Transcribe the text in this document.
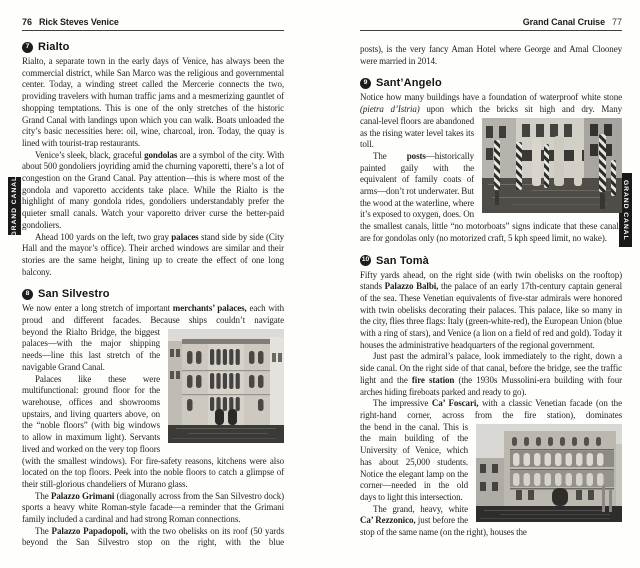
GRAND CANAL	GRAND CANAL
76 Rick Steves Venice
7 Rialto

Rialto, a separate town in the early days of Venice, has always been the commercial district, while San Marco was the religious and governmental center. Today, a winding street called the Mercerie connects the two, providing travelers with human traffic jams and a mesmerizing gauntlet of shopping temptations. This is one of the only stretches of the historic Grand Canal with landings upon which you can walk. Boats unloaded the city’s basic necessities here: oil, wine, charcoal, iron. Today, the quay is lined with tourist-trap restaurants.

Venice’s sleek, black, graceful gondolas are a symbol of the city. With about 500 gondoliers joyriding amid the churning vaporetti, there’s a lot of congestion on the Grand Canal. Pay attention—this is where most of the gondola and vaporetto accidents take place. While the Rialto is the highlight of many gondola rides, gondoliers understandably prefer the quieter small canals. Watch your vaporetto driver curse the better-paid gondoliers.

Ahead 100 yards on the left, two gray palaces stand side by side (City Hall and the mayor’s office). Their arched windows are similar and their stories are the same height, lining up to create the effect of one long balcony.

8 San Silvestro

We now enter a long stretch of important merchants’ palaces, each with proud and different facades. Because ships couldn’t navigate

beyond the Rialto Bridge, the biggest palaces—with the major shipping needs—line this last stretch of the navigable Grand Canal.

Palaces like these were multifunctional: ground floor for the warehouse, offices and showrooms upstairs, and living quarters above, on the “noble floors” (with big windows to allow in maximum light). Servants lived and worked on the very top floors (with the smallest windows). For fire-safety reasons, kitchens were also located on the top floors. Peek into the noble floors to catch a glimpse of their still-glorious chandeliers of Murano glass.

The Palazzo Grimani (diagonally across from the San Silvestro dock) sports a heavy white Roman-style facade—a reminder that the Grimani family included a cardinal and had strong Roman connections.

The Palazzo Papadopoli, with the two obelisks on its roof (50 yards beyond the San Silvestro stop on the right, with the blue

Grand Canal Cruise 77

posts), is the very fancy Aman Hotel where George and Amal Clooney were married in 2014.

9 Sant’Angelo

Notice how many buildings have a foundation of waterproof white stone (pietra d’Istria) upon which the bricks sit high and dry. Many

canal-level floors are abandoned as the rising water level takes its toll.

The posts—historically painted gaily with the equivalent of family coats of arms—don’t rot underwater. But the wood at the waterline, where it’s exposed to oxygen, does. On the smallest canals, little “no motorboats” signs indicate that these canals are for gondolas only (no motorized craft, 5 kph speed limit, no wake).

10 San Tomà

Fifty yards ahead, on the right side (with twin obelisks on the rooftop) stands Palazzo Balbi, the palace of an early 17th-century captain general of the sea. These Venetian equivalents of five-star admirals were honored with twin obelisks decorating their palaces. This palace, like so many in the city, flies three flags: Italy (green-white-red), the European Union (blue with a ring of stars), and Venice (a lion on a field of red and gold). Today it houses the administrative headquarters of the regional government.

Just past the admiral’s palace, look immediately to the right, down a side canal. On the right side of that canal, before the bridge, see the traffic light and the fire station (the 1930s Mussolini-era building with four arches hiding fireboats parked and ready to go).

The impressive Ca’ Foscari, with a classic Venetian facade (on the right-hand corner, across from the fire station), dominates

the bend in the canal. This is the main building of the University of Venice, which has about 25,000 students. Notice the elegant lamp on the corner—needed in the old days to light this intersection.

The grand, heavy, white Ca’ Rezzonico, just before the stop of the same name (on the right), houses the
